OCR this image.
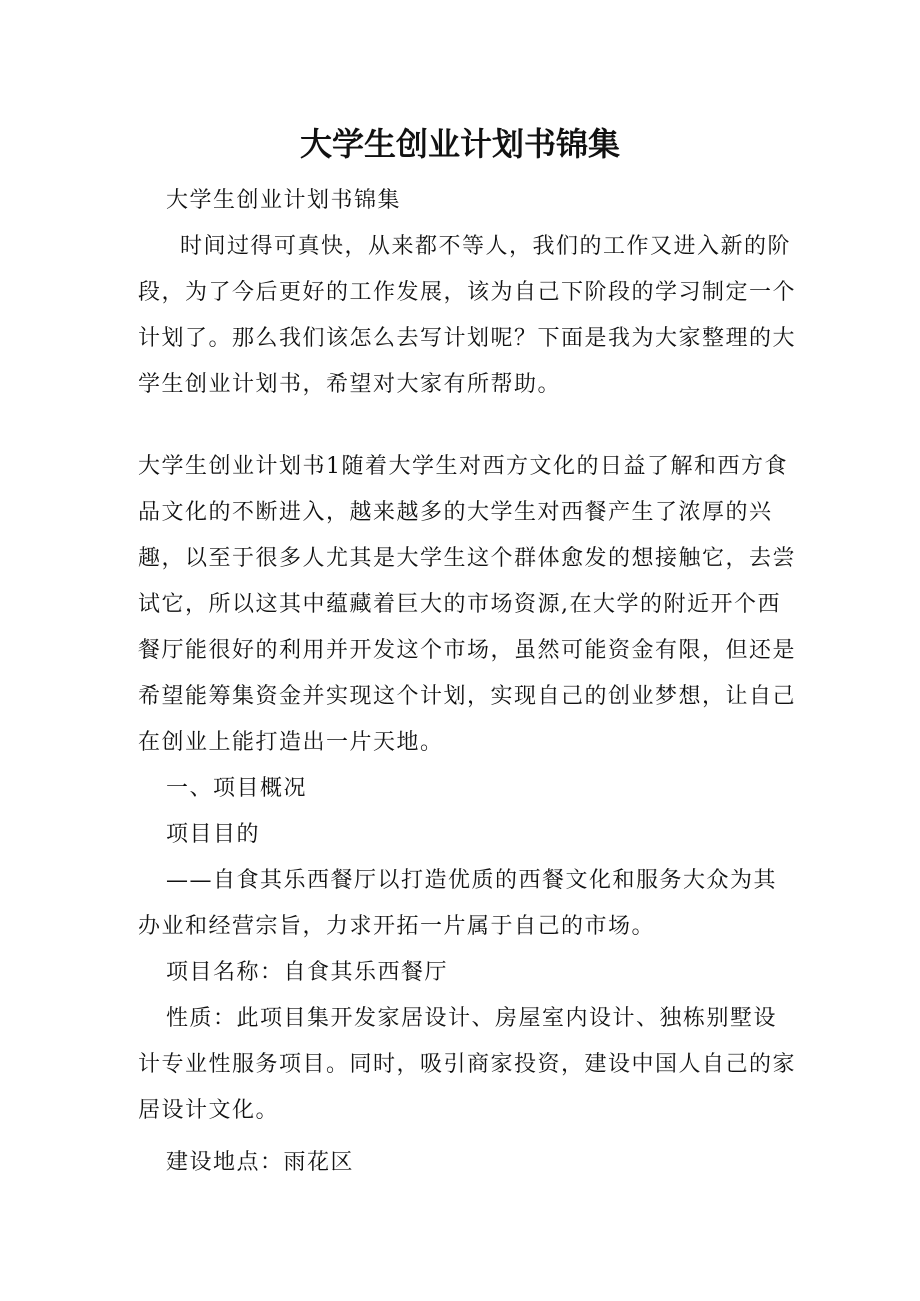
大学生创业计划书锦集

大学生创业计划书锦集

时间过得可真快，从来都不等人，我们的工作又进入新的阶段，为了今后更好的工作发展，该为自己下阶段的学习制定一个计划了。那么我们该怎么去写计划呢？下面是我为大家整理的大学生创业计划书，希望对大家有所帮助。

大学生创业计划书1随着大学生对西方文化的日益了解和西方食品文化的不断进入，越来越多的大学生对西餐产生了浓厚的兴趣，以至于很多人尤其是大学生这个群体愈发的想接触它，去尝试它，所以这其中蕴藏着巨大的市场资源,在大学的附近开个西餐厅能很好的利用并开发这个市场，虽然可能资金有限，但还是希望能筹集资金并实现这个计划，实现自己的创业梦想，让自己在创业上能打造出一片天地。

一、项目概况

项目目的

——自食其乐西餐厅以打造优质的西餐文化和服务大众为其办业和经营宗旨，力求开拓一片属于自己的市场。

项目名称：自食其乐西餐厅

性质：此项目集开发家居设计、房屋室内设计、独栋别墅设计专业性服务项目。同时，吸引商家投资，建设中国人自己的家居设计文化。

建设地点：雨花区
